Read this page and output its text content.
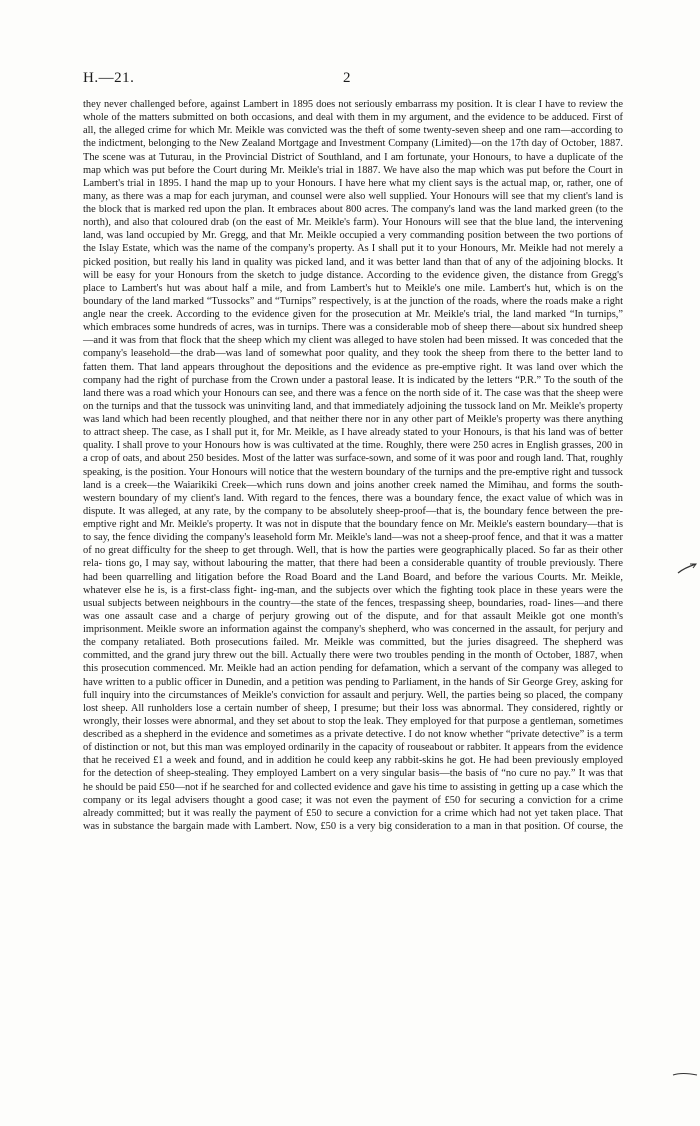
H.—21.	2

they never challenged before, against Lambert in 1895 does not seriously embarrass my position. It is clear I have to review the whole of the matters submitted on both occasions, and deal with them in my argument, and the evidence to be adduced. First of all, the alleged crime for which Mr. Meikle was convicted was the theft of some twenty-seven sheep and one ram—according to the indictment, belonging to the New Zealand Mortgage and Investment Company (Limited)—on the 17th day of October, 1887. The scene was at Tuturau, in the Provincial District of Southland, and I am fortunate, your Honours, to have a duplicate of the map which was put before the Court during Mr. Meikle's trial in 1887. We have also the map which was put before the Court in Lambert's trial in 1895. I hand the map up to your Honours. I have here what my client says is the actual map, or, rather, one of many, as there was a map for each juryman, and counsel were also well supplied. Your Honours will see that my client's land is the block that is marked red upon the plan. It embraces about 800 acres. The company's land was the land marked green (to the north), and also that coloured drab (on the east of Mr. Meikle's farm). Your Honours will see that the blue land, the intervening land, was land occupied by Mr. Gregg, and that Mr. Meikle occupied a very commanding position between the two portions of the Islay Estate, which was the name of the company's property. As I shall put it to your Honours, Mr. Meikle had not merely a picked position, but really his land in quality was picked land, and it was better land than that of any of the adjoining blocks. It will be easy for your Honours from the sketch to judge distance. According to the evidence given, the distance from Gregg's place to Lambert's hut was about half a mile, and from Lambert's hut to Meikle's one mile. Lambert's hut, which is on the boundary of the land marked “Tussocks” and “Turnips” respectively, is at the junction of the roads, where the roads make a right angle near the creek. According to the evidence given for the prosecution at Mr. Meikle's trial, the land marked “In turnips,” which embraces some hundreds of acres, was in turnips. There was a considerable mob of sheep there—about six hundred sheep—and it was from that flock that the sheep which my client was alleged to have stolen had been missed. It was conceded that the company's leasehold—the drab—was land of somewhat poor quality, and they took the sheep from there to the better land to fatten them. That land appears throughout the depositions and the evidence as pre-emptive right. It was land over which the company had the right of purchase from the Crown under a pastoral lease. It is indicated by the letters “P.R.” To the south of the land there was a road which your Honours can see, and there was a fence on the north side of it. The case was that the sheep were on the turnips and that the tussock was uninviting land, and that immediately adjoining the tussock land on Mr. Meikle's property was land which had been recently ploughed, and that neither there nor in any other part of Meikle's property was there anything to attract sheep. The case, as I shall put it, for Mr. Meikle, as I have already stated to your Honours, is that his land was of better quality. I shall prove to your Honours how is was cultivated at the time. Roughly, there were 250 acres in English grasses, 200 in a crop of oats, and about 250 besides. Most of the latter was surface-sown, and some of it was poor and rough land. That, roughly speaking, is the position. Your Honours will notice that the western boundary of the turnips and the pre-emptive right and tussock land is a creek—the Waiarikiki Creek—which runs down and joins another creek named the Mimihau, and forms the south-western boundary of my client's land. With regard to the fences, there was a boundary fence, the exact value of which was in dispute. It was alleged, at any rate, by the company to be absolutely sheep-proof—that is, the boundary fence between the pre-emptive right and Mr. Meikle's property. It was not in dispute that the boundary fence on Mr. Meikle's eastern boundary—that is to say, the fence dividing the company's leasehold form Mr. Meikle's land—was not a sheep-proof fence, and that it was a matter of no great difficulty for the sheep to get through. Well, that is how the parties were geographically placed. So far as their other rela- tions go, I may say, without labouring the matter, that there had been a considerable quantity of trouble previously. There had been quarrelling and litigation before the Road Board and the Land Board, and before the various Courts. Mr. Meikle, whatever else he is, is a first-class fight- ing-man, and the subjects over which the fighting took place in these years were the usual subjects between neighbours in the country—the state of the fences, trespassing sheep, boundaries, road- lines—and there was one assault case and a charge of perjury growing out of the dispute, and for that assault Meikle got one month's imprisonment. Meikle swore an information against the company's shepherd, who was concerned in the assault, for perjury and the company retaliated. Both prosecutions failed. Mr. Meikle was committed, but the juries disagreed. The shepherd was committed, and the grand jury threw out the bill. Actually there were two troubles pending in the month of October, 1887, when this prosecution commenced. Mr. Meikle had an action pending for defamation, which a servant of the company was alleged to have written to a public officer in Dunedin, and a petition was pending to Parliament, in the hands of Sir George Grey, asking for full inquiry into the circumstances of Meikle's conviction for assault and perjury. Well, the parties being so placed, the company lost sheep. All runholders lose a certain number of sheep, I presume; but their loss was abnormal. They considered, rightly or wrongly, their losses were abnormal, and they set about to stop the leak. They employed for that purpose a gentleman, sometimes described as a shepherd in the evidence and sometimes as a private detective. I do not know whether “private detective” is a term of distinction or not, but this man was employed ordinarily in the capacity of rouseabout or rabbiter. It appears from the evidence that he received £1 a week and found, and in addition he could keep any rabbit-skins he got. He had been previously employed for the detection of sheep-stealing. They employed Lambert on a very singular basis—the basis of “no cure no pay.” It was that he should be paid £50—not if he searched for and collected evidence and gave his time to assisting in getting up a case which the company or its legal advisers thought a good case; it was not even the payment of £50 for securing a conviction for a crime already committed; but it was really the payment of £50 to secure a conviction for a crime which had not yet taken place. That was in substance the bargain made with Lambert. Now, £50 is a very big consideration to a man in that position. Of course, the
